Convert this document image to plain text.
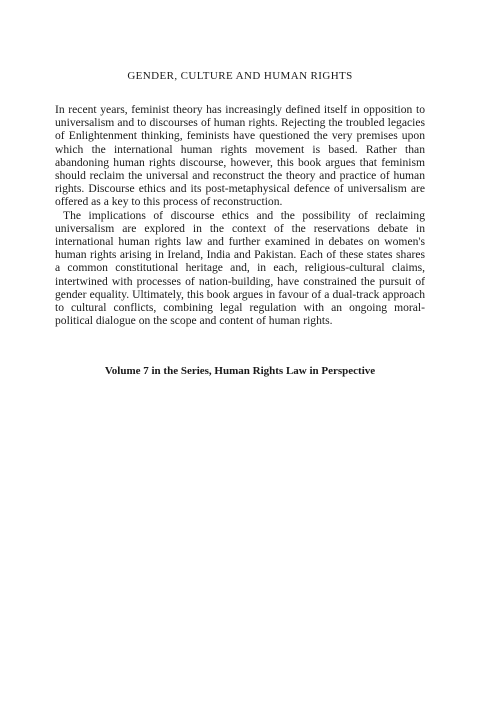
GENDER, CULTURE AND HUMAN RIGHTS

In recent years, feminist theory has increasingly defined itself in opposition to universalism and to discourses of human rights. Rejecting the troubled legacies of Enlightenment thinking, feminists have questioned the very premises upon which the international human rights movement is based. Rather than abandoning human rights discourse, however, this book argues that feminism should reclaim the universal and reconstruct the theory and practice of human rights. Discourse ethics and its post-metaphysical defence of universalism are offered as a key to this process of reconstruction.

The implications of discourse ethics and the possibility of reclaiming universalism are explored in the context of the reservations debate in international human rights law and further examined in debates on women's human rights arising in Ireland, India and Pakistan. Each of these states shares a common constitutional heritage and, in each, religious-cultural claims, intertwined with processes of nation-building, have constrained the pursuit of gender equality. Ultimately, this book argues in favour of a dual-track approach to cultural conflicts, combining legal regulation with an ongoing moral-political dialogue on the scope and content of human rights.

Volume 7 in the Series, Human Rights Law in Perspective
